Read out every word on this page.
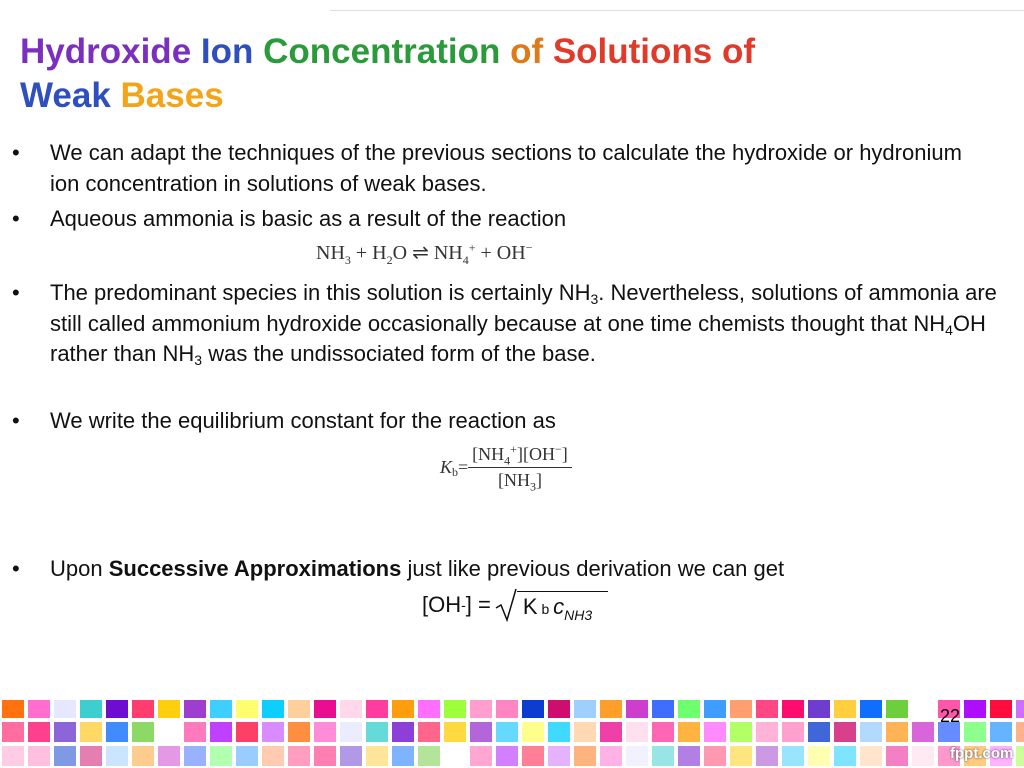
Hydroxide Ion Concentration of Solutions of
Weak Bases
• We can adapt the techniques of the previous sections to calculate the hydroxide or hydronium ion concentration in solutions of weak bases.
• Aqueous ammonia is basic as a result of the reaction
$NH_3 + H_2O$ ⇌ $NH_4^+ + OH^-$
• The predominant species in this solution is certainly $NH_3$. Nevertheless, solutions of ammonia are still called ammonium hydroxide occasionally because at one time chemists thought that $NH_4OH$ rather than $NH_3$ was the undissociated form of the base.
• We write the equilibrium constant for the reaction as
K $b = \frac{[NH_4^+][OH^-]}{[NH_3]}$
• Upon Successive Approximations just like previous derivation we can get
[OH - ] = K b $c_{NH3}$
22
fppt.com
